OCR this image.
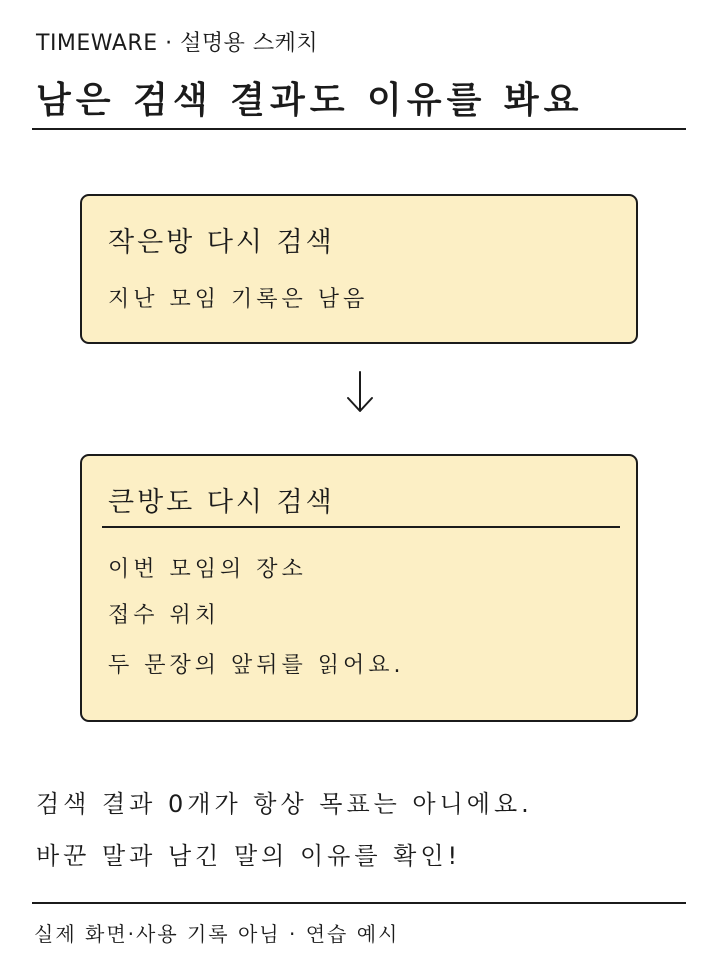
TIMEWARE · 설명용 스케치
남은 검색 결과도 이유를 봐요
작은방 다시 검색
지난 모임 기록은 남음
큰방도 다시 검색
이번 모임의 장소
접수 위치
두 문장의 앞뒤를 읽어요.
검색 결과 0개가 항상 목표는 아니에요.
바꾼 말과 남긴 말의 이유를 확인!
실제 화면·사용 기록 아님 · 연습 예시
